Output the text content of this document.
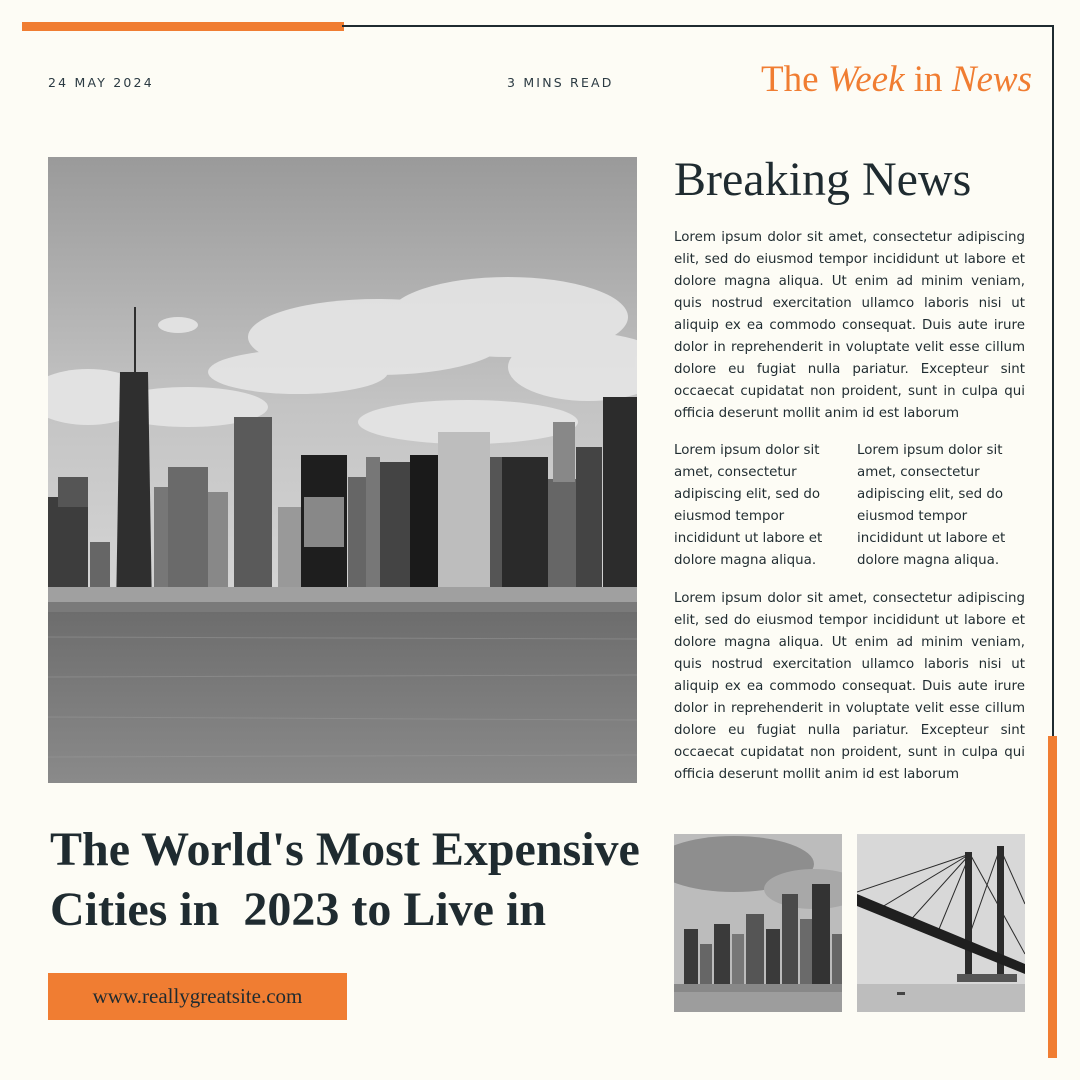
24 MAY 2024	3 MINS READ	The Week in News
Breaking News

Lorem ipsum dolor sit amet, consectetur adipiscing elit, sed do eiusmod tempor incididunt ut labore et dolore magna aliqua. Ut enim ad minim veniam, quis nostrud exercitation ullamco laboris nisi ut aliquip ex ea commodo consequat. Duis aute irure dolor in reprehenderit in voluptate velit esse cillum dolore eu fugiat nulla pariatur. Excepteur sint occaecat cupidatat non proident, sunt in culpa qui officia deserunt mollit anim id est laborum

Lorem ipsum dolor sit amet, consectetur adipiscing elit, sed do eiusmod tempor incididunt ut labore et dolore magna aliqua.

Lorem ipsum dolor sit amet, consectetur adipiscing elit, sed do eiusmod tempor incididunt ut labore et dolore magna aliqua.

Lorem ipsum dolor sit amet, consectetur adipiscing elit, sed do eiusmod tempor incididunt ut labore et dolore magna aliqua. Ut enim ad minim veniam, quis nostrud exercitation ullamco laboris nisi ut aliquip ex ea commodo consequat. Duis aute irure dolor in reprehenderit in voluptate velit esse cillum dolore eu fugiat nulla pariatur. Excepteur sint occaecat cupidatat non proident, sunt in culpa qui officia deserunt mollit anim id est laborum

The World's Most Expensive
Cities in  2023 to Live in
www.reallygreatsite.com
